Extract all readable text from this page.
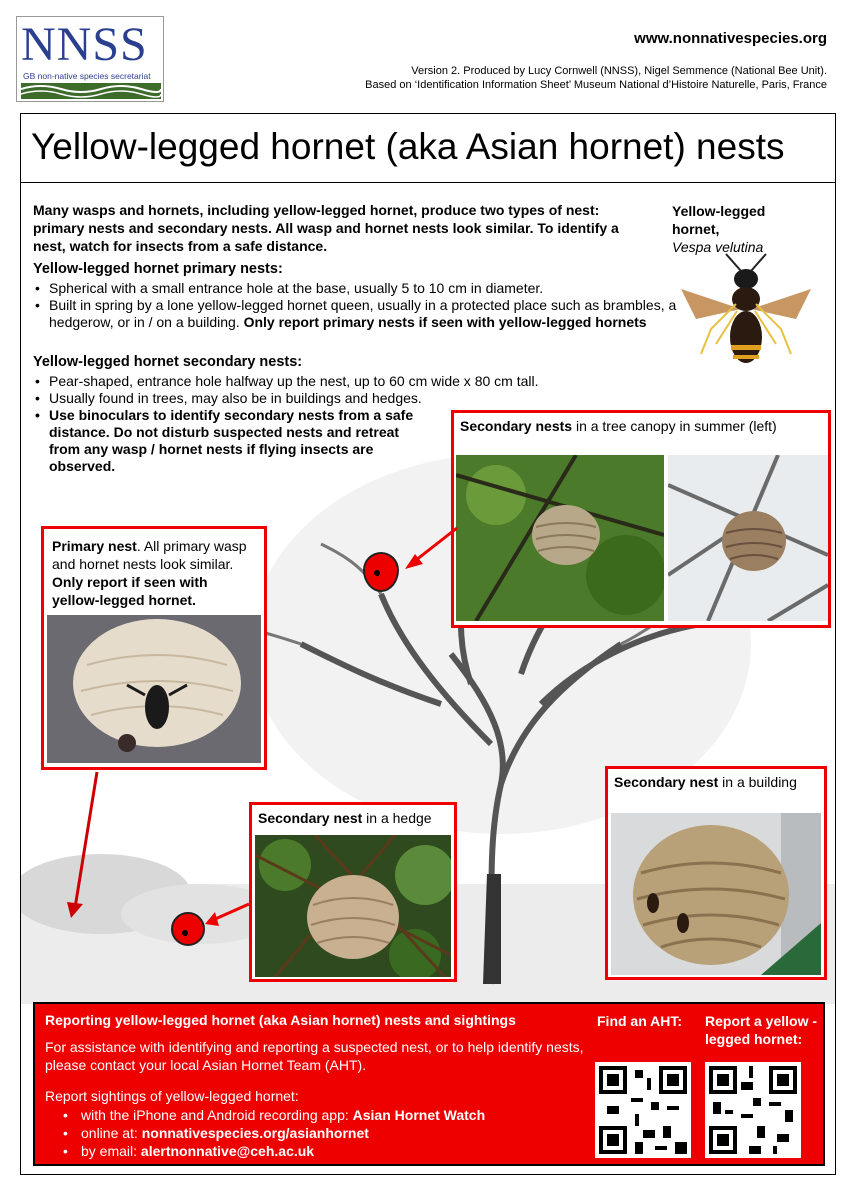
NNSS
GB non-native species secretariat
www.nonnativespecies.org
Version 2. Produced by Lucy Cornwell (NNSS), Nigel Semmence (National Bee Unit).
Based on ‘Identification Information Sheet’ Museum National d’Histoire Naturelle, Paris, France
Yellow-legged hornet (aka Asian hornet) nests
Many wasps and hornets, including yellow-legged hornet, produce two types of nest: primary nests and secondary nests. All wasp and hornet nests look similar. To identify a nest, watch for insects from a safe distance.
Yellow-legged
hornet,
Vespa velutina
Yellow-legged hornet primary nests:
• Spherical with a small entrance hole at the base, usually 5 to 10 cm in diameter.
• Built in spring by a lone yellow-legged hornet queen, usually in a protected place such as brambles, a hedgerow, or in / on a building. Only report primary nests if seen with yellow-legged hornets
Yellow-legged hornet secondary nests:
• Pear-shaped, entrance hole halfway up the nest, up to 60 cm wide x 80 cm tall.
• Usually found in trees, may also be in buildings and hedges.
• Use binoculars to identify secondary nests from a safe distance. Do not disturb suspected nests and retreat from any wasp / hornet nests if flying insects are observed.
Secondary nests in a tree canopy in summer (left)
Primary nest. All primary wasp and hornet nests look similar. Only report if seen with yellow-legged hornet.
Secondary nest in a building
Secondary nest in a hedge
Reporting yellow-legged hornet (aka Asian hornet) nests and sightings
For assistance with identifying and reporting a suspected nest, or to help identify nests, please contact your local Asian Hornet Team (AHT).
Report sightings of yellow-legged hornet:
• with the iPhone and Android recording app: Asian Hornet Watch
• online at: nonnativespecies.org/asianhornet
• by email: alertnonnative@ceh.ac.uk
Find an AHT:	Report a yellow -legged hornet:
